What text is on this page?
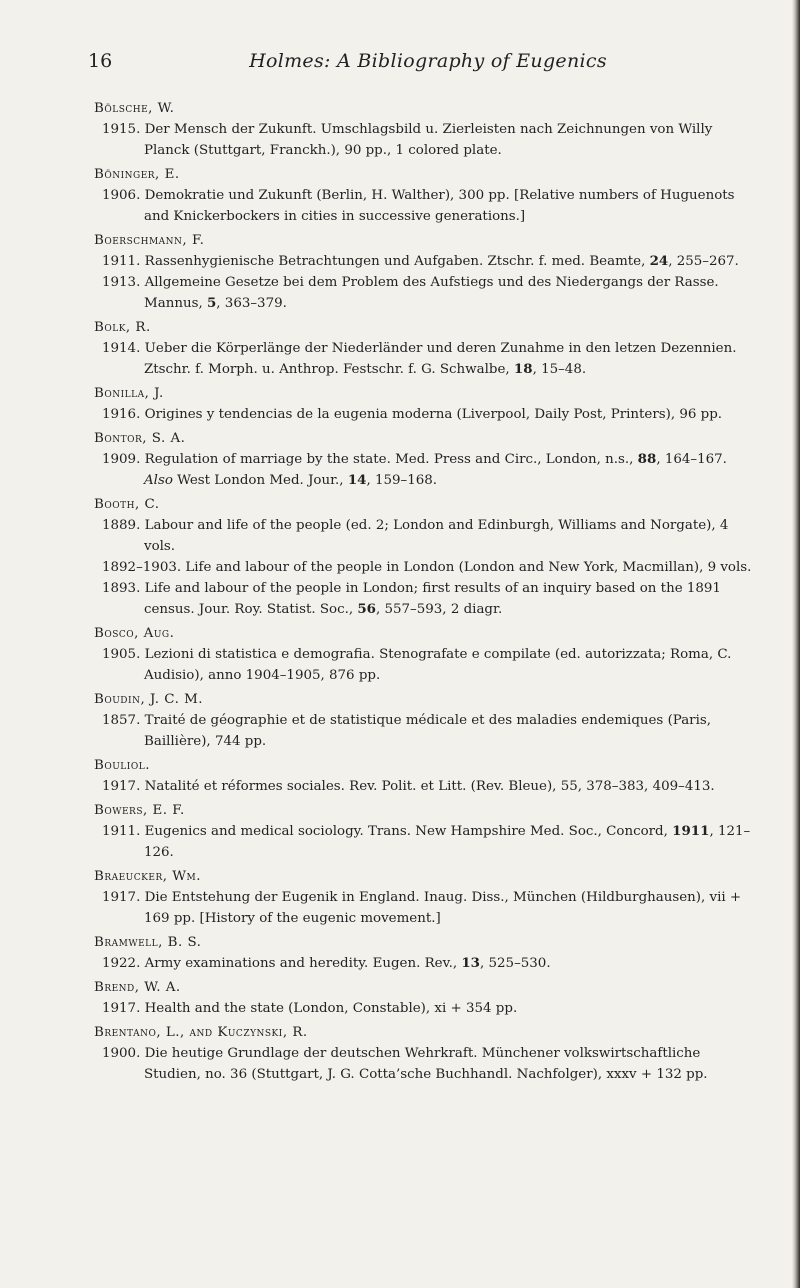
16	Holmes: A Bibliography of Eugenics
Bölsche, W.
1915. Der Mensch der Zukunft. Umschlagsbild u. Zierleisten nach Zeichnungen von Willy Planck (Stuttgart, Franckh.), 90 pp., 1 colored plate.
Böninger, E.
1906. Demokratie und Zukunft (Berlin, H. Walther), 300 pp. [Relative numbers of Huguenots and Knickerbockers in cities in successive generations.]
Boerschmann, F.
1911. Rassenhygienische Betrachtungen und Aufgaben. Ztschr. f. med. Beamte, 24, 255–267.
1913. Allgemeine Gesetze bei dem Problem des Aufstiegs und des Niedergangs der Rasse. Mannus, 5, 363–379.
Bolk, R.
1914. Ueber die Körperlänge der Niederländer und deren Zunahme in den letzen Dezennien. Ztschr. f. Morph. u. Anthrop. Festschr. f. G. Schwalbe, 18, 15–48.
Bonilla, J.
1916. Origines y tendencias de la eugenia moderna (Liverpool, Daily Post, Printers), 96 pp.
Bontor, S. A.
1909. Regulation of marriage by the state. Med. Press and Circ., London, n.s., 88, 164–167. Also West London Med. Jour., 14, 159–168.
Booth, C.
1889. Labour and life of the people (ed. 2; London and Edinburgh, Williams and Norgate), 4 vols.
1892–1903. Life and labour of the people in London (London and New York, Macmillan), 9 vols.
1893. Life and labour of the people in London; first results of an inquiry based on the 1891 census. Jour. Roy. Statist. Soc., 56, 557–593, 2 diagr.
Bosco, Aug.
1905. Lezioni di statistica e demografia. Stenografate e compilate (ed. autorizzata; Roma, C. Audisio), anno 1904–1905, 876 pp.
Boudin, J. C. M.
1857. Traité de géographie et de statistique médicale et des maladies endemiques (Paris, Baillière), 744 pp.
Bouliol.
1917. Natalité et réformes sociales. Rev. Polit. et Litt. (Rev. Bleue), 55, 378–383, 409–413.
Bowers, E. F.
1911. Eugenics and medical sociology. Trans. New Hampshire Med. Soc., Concord, 1911, 121–126.
Braeucker, Wm.
1917. Die Entstehung der Eugenik in England. Inaug. Diss., München (Hildburghausen), vii + 169 pp. [History of the eugenic movement.]
Bramwell, B. S.
1922. Army examinations and heredity. Eugen. Rev., 13, 525–530.
Brend, W. A.
1917. Health and the state (London, Constable), xi + 354 pp.
Brentano, L., and Kuczynski, R.
1900. Die heutige Grundlage der deutschen Wehrkraft. Münchener volkswirtschaftliche Studien, no. 36 (Stuttgart, J. G. Cotta’sche Buchhandl. Nachfolger), xxxv + 132 pp.
